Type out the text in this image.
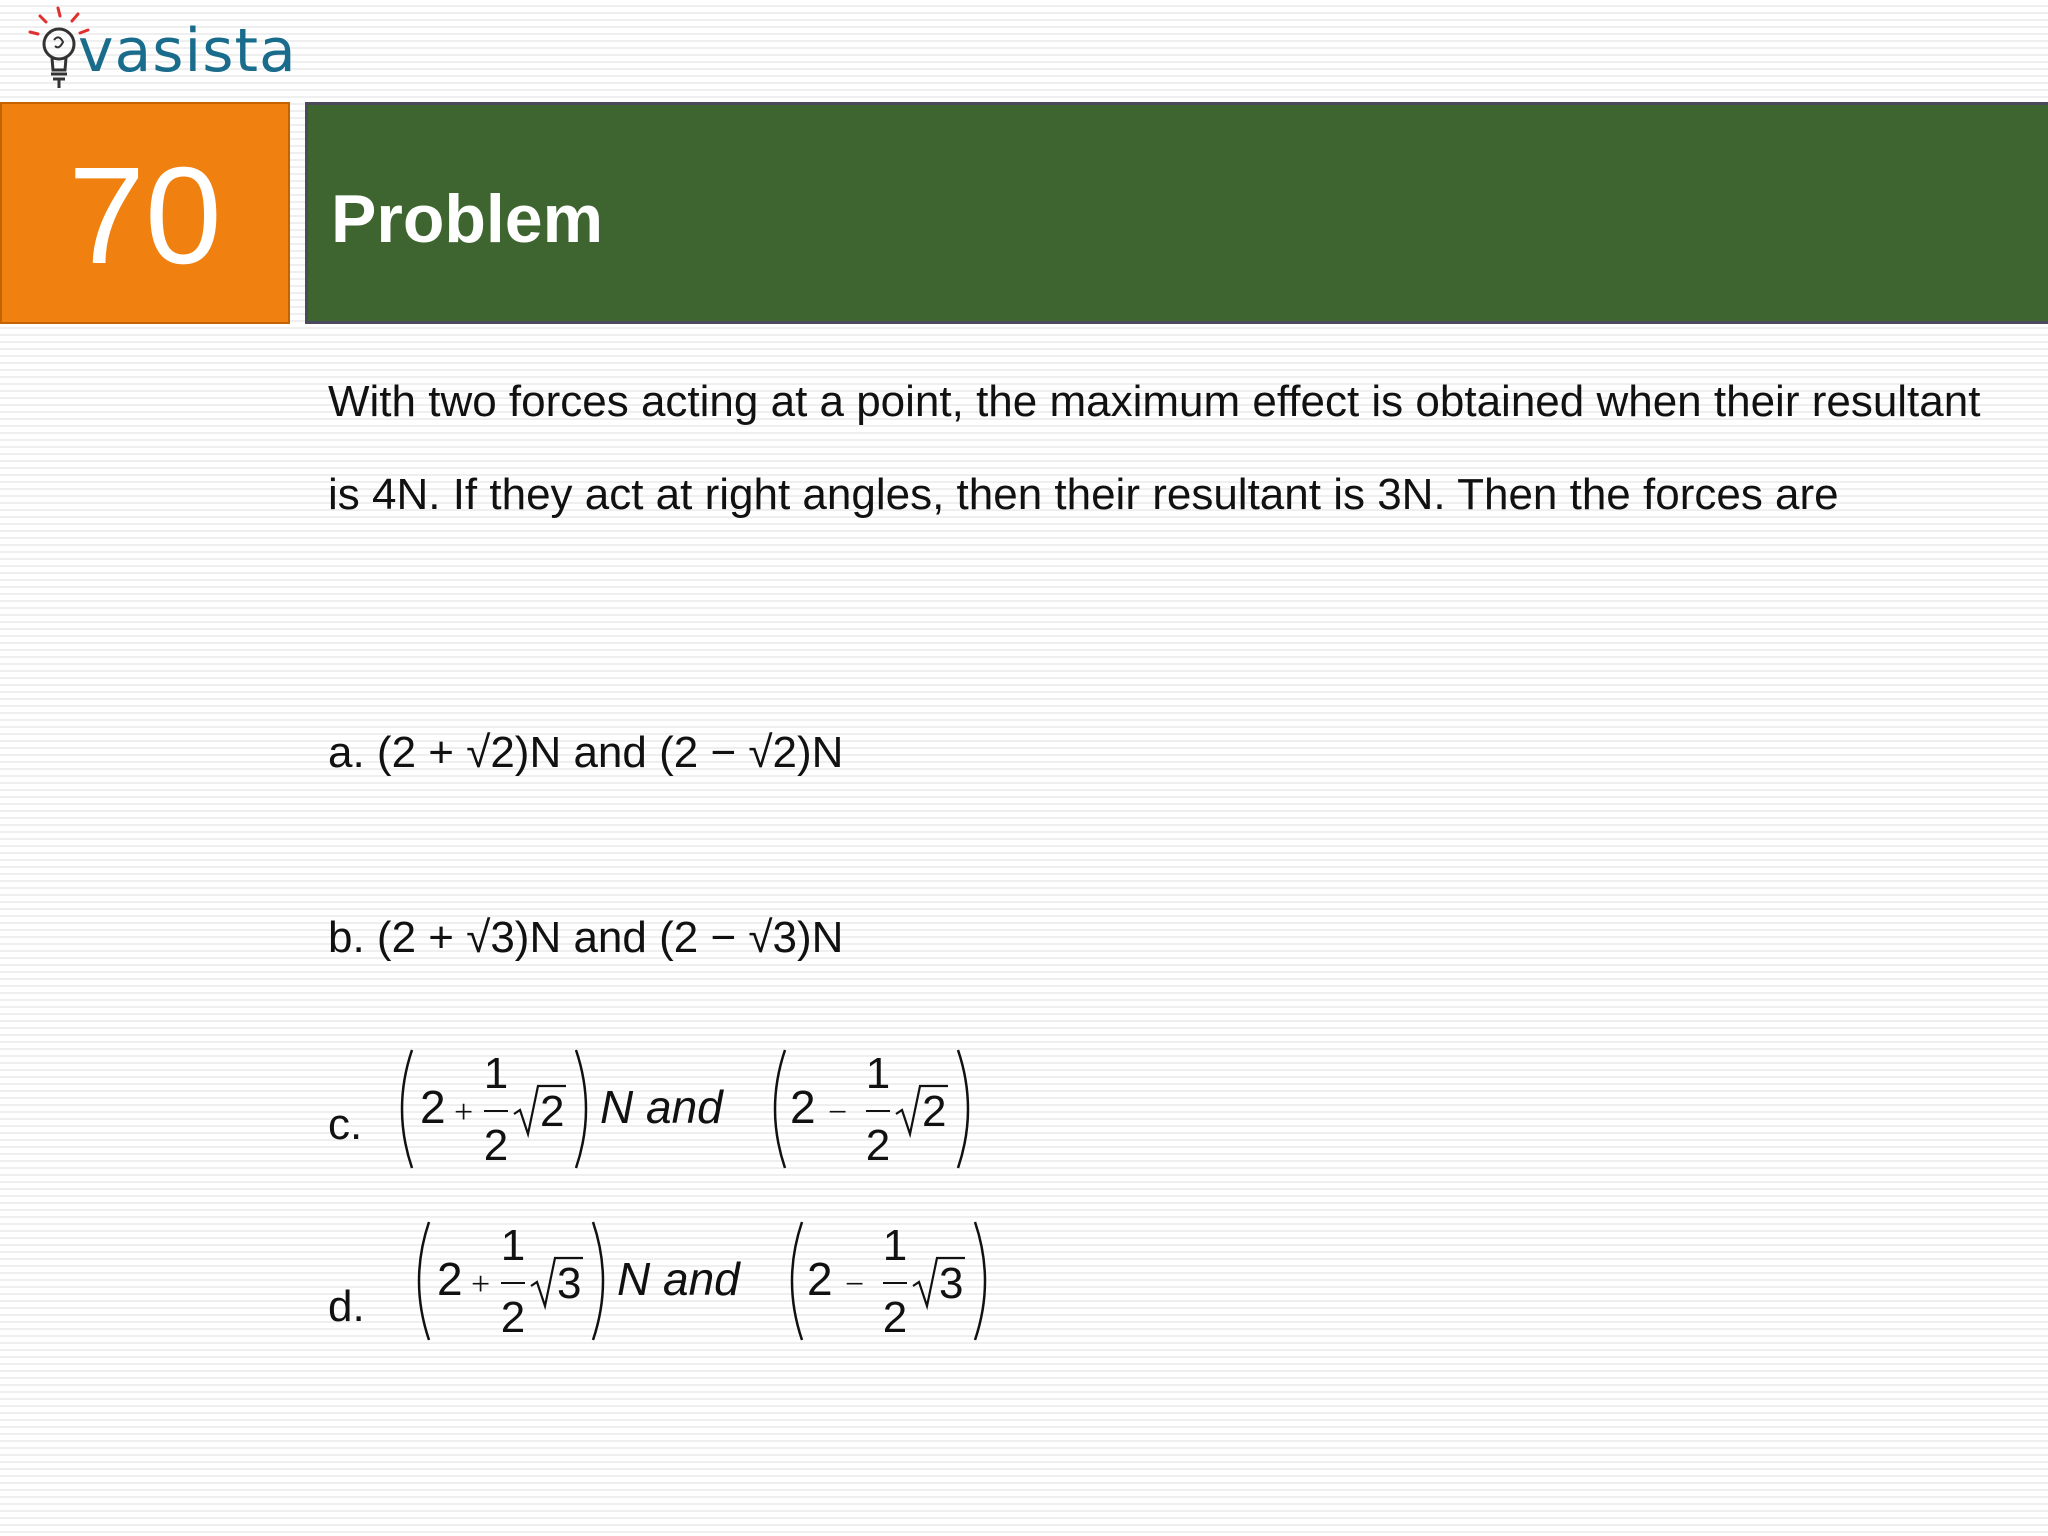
vasista
70 Problem
With two forces acting at a point, the maximum effect is obtained when their resultant is 4N. If they act at right angles, then their resultant is 3N. Then the forces are
a. (2 + √2)N and (2 − √2)N
b. (2 + √3)N and (2 − √3)N
c. 2 +
1
2
2 N and 2 −
1
2
2
d.
2 +
1
2
3 N and 2 −
1
2
3
